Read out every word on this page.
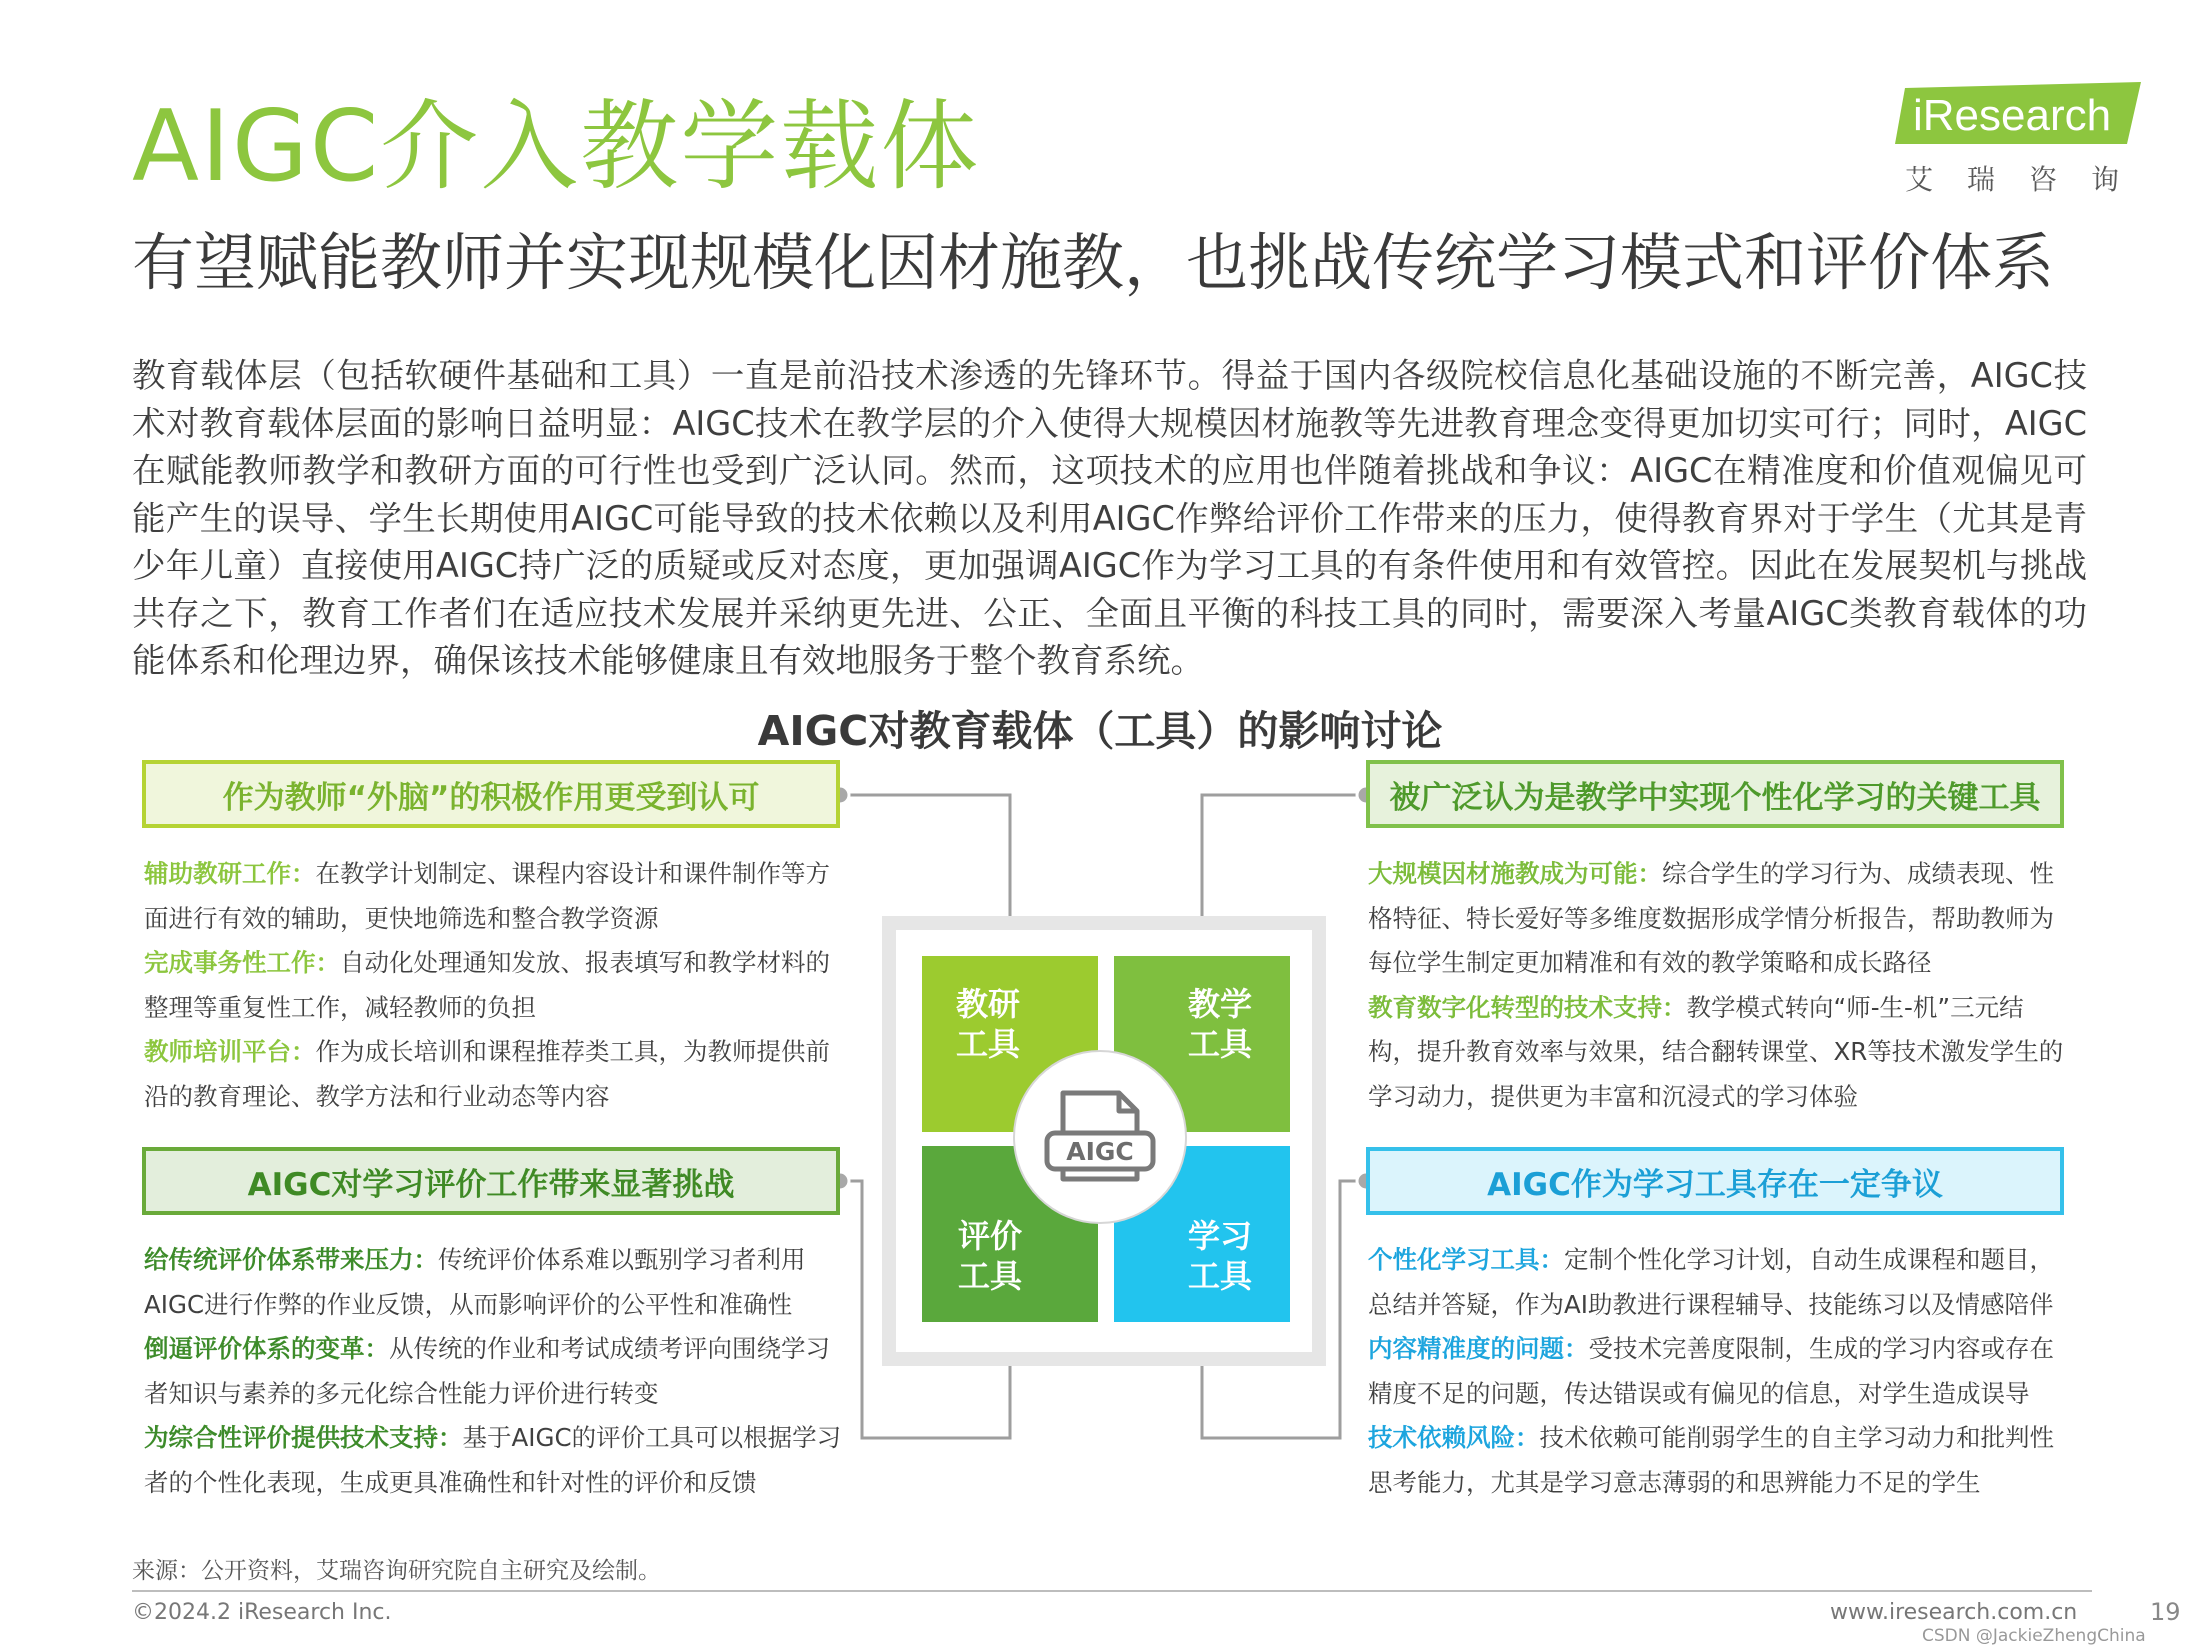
AIGC介入教学载体
有望赋能教师并实现规模化因材施教，也挑战传统学习模式和评价体系
iResearch
艾瑞咨询
教育载体层（包括软硬件基础和工具）一直是前沿技术渗透的先锋环节。得益于国内各级院校信息化基础设施的不断完善，AIGC技术对教育载体层面的影响日益明显：AIGC技术在教学层的介入使得大规模因材施教等先进教育理念变得更加切实可行；同时，AIGC在赋能教师教学和教研方面的可行性也受到广泛认同。然而，这项技术的应用也伴随着挑战和争议：AIGC在精准度和价值观偏见可能产生的误导、学生长期使用AIGC可能导致的技术依赖以及利用AIGC作弊给评价工作带来的压力，使得教育界对于学生（尤其是青少年儿童）直接使用AIGC持广泛的质疑或反对态度，更加强调AIGC作为学习工具的有条件使用和有效管控。因此在发展契机与挑战共存之下，教育工作者们在适应技术发展并采纳更先进、公正、全面且平衡的科技工具的同时，需要深入考量AIGC类教育载体的功能体系和伦理边界，确保该技术能够健康且有效地服务于整个教育系统。
AIGC对教育载体（工具）的影响讨论
作为教师“外脑”的积极作用更受到认可

辅助教研工作：在教学计划制定、课程内容设计和课件制作等方面进行有效的辅助，更快地筛选和整合教学资源

完成事务性工作：自动化处理通知发放、报表填写和教学材料的整理等重复性工作，减轻教师的负担

教师培训平台：作为成长培训和课程推荐类工具，为教师提供前沿的教育理论、教学方法和行业动态等内容

被广泛认为是教学中实现个性化学习的关键工具

大规模因材施教成为可能：综合学生的学习行为、成绩表现、性格特征、特长爱好等多维度数据形成学情分析报告，帮助教师为每位学生制定更加精准和有效的教学策略和成长路径

教育数字化转型的技术支持：教学模式转向“师-生-机”三元结构，提升教育效率与效果，结合翻转课堂、XR等技术激发学生的学习动力，提供更为丰富和沉浸式的学习体验

AIGC对学习评价工作带来显著挑战

给传统评价体系带来压力：传统评价体系难以甄别学习者利用AIGC进行作弊的作业反馈，从而影响评价的公平性和准确性

倒逼评价体系的变革：从传统的作业和考试成绩考评向围绕学习者知识与素养的多元化综合性能力评价进行转变

为综合性评价提供技术支持：基于AIGC的评价工具可以根据学习者的个性化表现，生成更具准确性和针对性的评价和反馈

AIGC作为学习工具存在一定争议

个性化学习工具：定制个性化学习计划，自动生成课程和题目，总结并答疑，作为AI助教进行课程辅导、技能练习以及情感陪伴

内容精准度的问题：受技术完善度限制，生成的学习内容或存在精度不足的问题，传达错误或有偏见的信息，对学生造成误导

技术依赖风险：技术依赖可能削弱学生的自主学习动力和批判性思考能力，尤其是学习意志薄弱的和思辨能力不足的学生

教研
工具
教学
工具
评价
工具
学习
工具
AIGC
来源：公开资料，艾瑞咨询研究院自主研究及绘制。
©2024.2 iResearch Inc.	www.iresearch.com.cn	19
CSDN @JackieZhengChina
